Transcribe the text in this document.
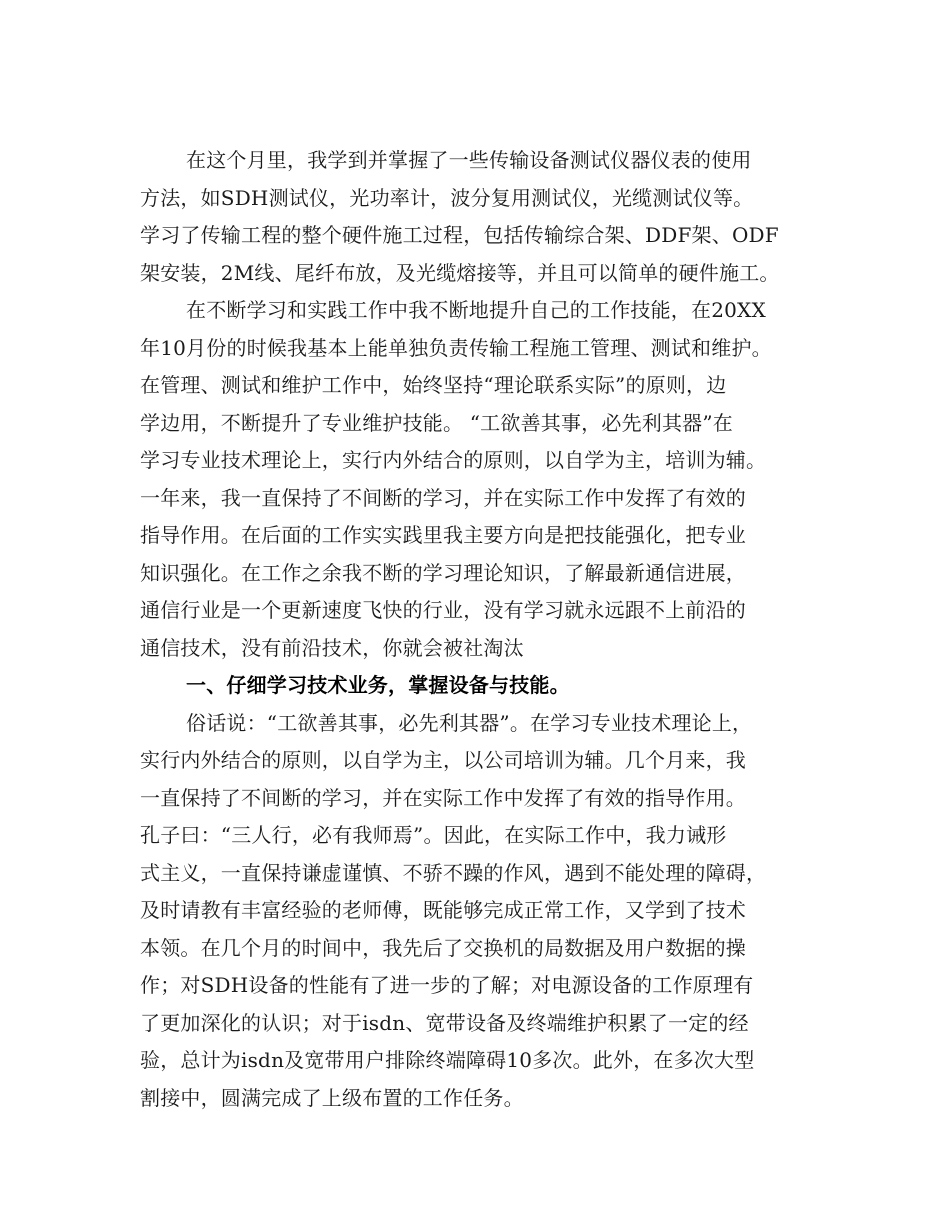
在这个月里，我学到并掌握了一些传输设备测试仪器仪表的使用
方法，如SDH测试仪，光功率计，波分复用测试仪，光缆测试仪等。
学习了传输工程的整个硬件施工过程，包括传输综合架、DDF架、ODF
架安装，2M线、尾纤布放，及光缆熔接等，并且可以简单的硬件施工。
在不断学习和实践工作中我不断地提升自己的工作技能，在20XX
年10月份的时候我基本上能单独负责传输工程施工管理、测试和维护。
在管理、测试和维护工作中，始终坚持“理论联系实际”的原则，边
学边用，不断提升了专业维护技能。 “工欲善其事，必先利其器”在
学习专业技术理论上，实行内外结合的原则，以自学为主，培训为辅。
一年来，我一直保持了不间断的学习，并在实际工作中发挥了有效的
指导作用。在后面的工作实实践里我主要方向是把技能强化，把专业
知识强化。在工作之余我不断的学习理论知识，了解最新通信进展，
通信行业是一个更新速度飞快的行业，没有学习就永远跟不上前沿的
通信技术，没有前沿技术，你就会被社淘汰
一、仔细学习技术业务，掌握设备与技能。
俗话说：“工欲善其事，必先利其器”。在学习专业技术理论上，
实行内外结合的原则，以自学为主，以公司培训为辅。几个月来，我
一直保持了不间断的学习，并在实际工作中发挥了有效的指导作用。
孔子曰：“三人行，必有我师焉”。因此，在实际工作中，我力诫形
式主义，一直保持谦虚谨慎、不骄不躁的作风，遇到不能处理的障碍，
及时请教有丰富经验的老师傅，既能够完成正常工作，又学到了技术
本领。在几个月的时间中，我先后了交换机的局数据及用户数据的操
作；对SDH设备的性能有了进一步的了解；对电源设备的工作原理有
了更加深化的认识；对于isdn、宽带设备及终端维护积累了一定的经
验，总计为isdn及宽带用户排除终端障碍10多次。此外，在多次大型
割接中，圆满完成了上级布置的工作任务。
